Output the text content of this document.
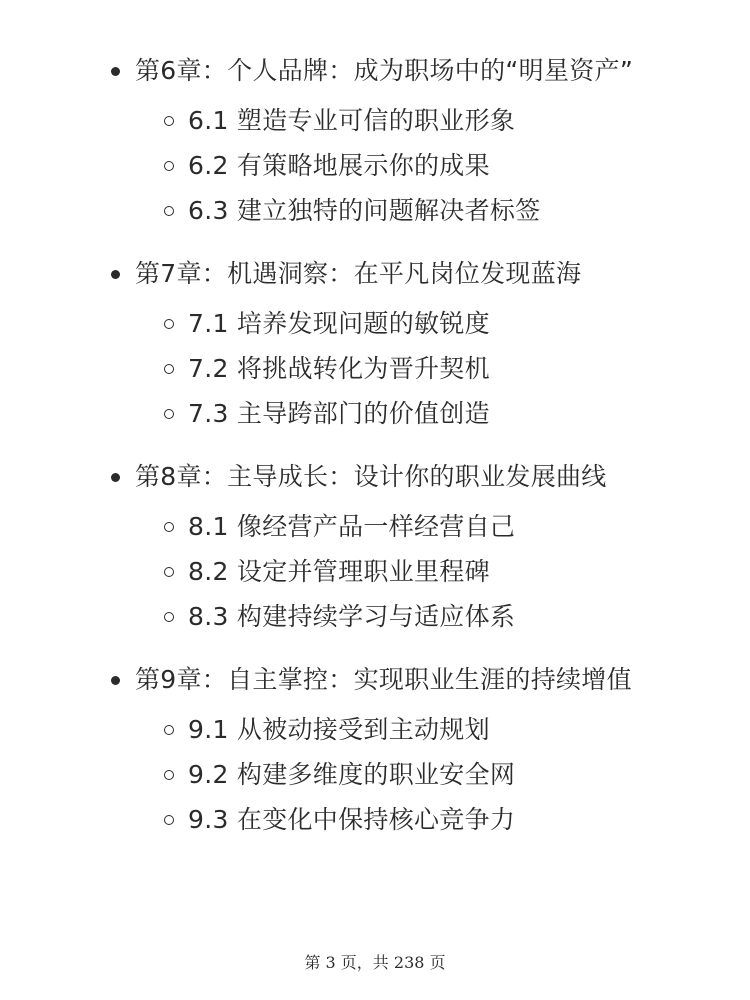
第6章：个人品牌：成为职场中的“明星资产”
6.1 塑造专业可信的职业形象
6.2 有策略地展示你的成果
6.3 建立独特的问题解决者标签
第7章：机遇洞察：在平凡岗位发现蓝海
7.1 培养发现问题的敏锐度
7.2 将挑战转化为晋升契机
7.3 主导跨部门的价值创造
第8章：主导成长：设计你的职业发展曲线
8.1 像经营产品一样经营自己
8.2 设定并管理职业里程碑
8.3 构建持续学习与适应体系
第9章：自主掌控：实现职业生涯的持续增值
9.1 从被动接受到主动规划
9.2 构建多维度的职业安全网
9.3 在变化中保持核心竞争力
第 3 页，共 238 页
